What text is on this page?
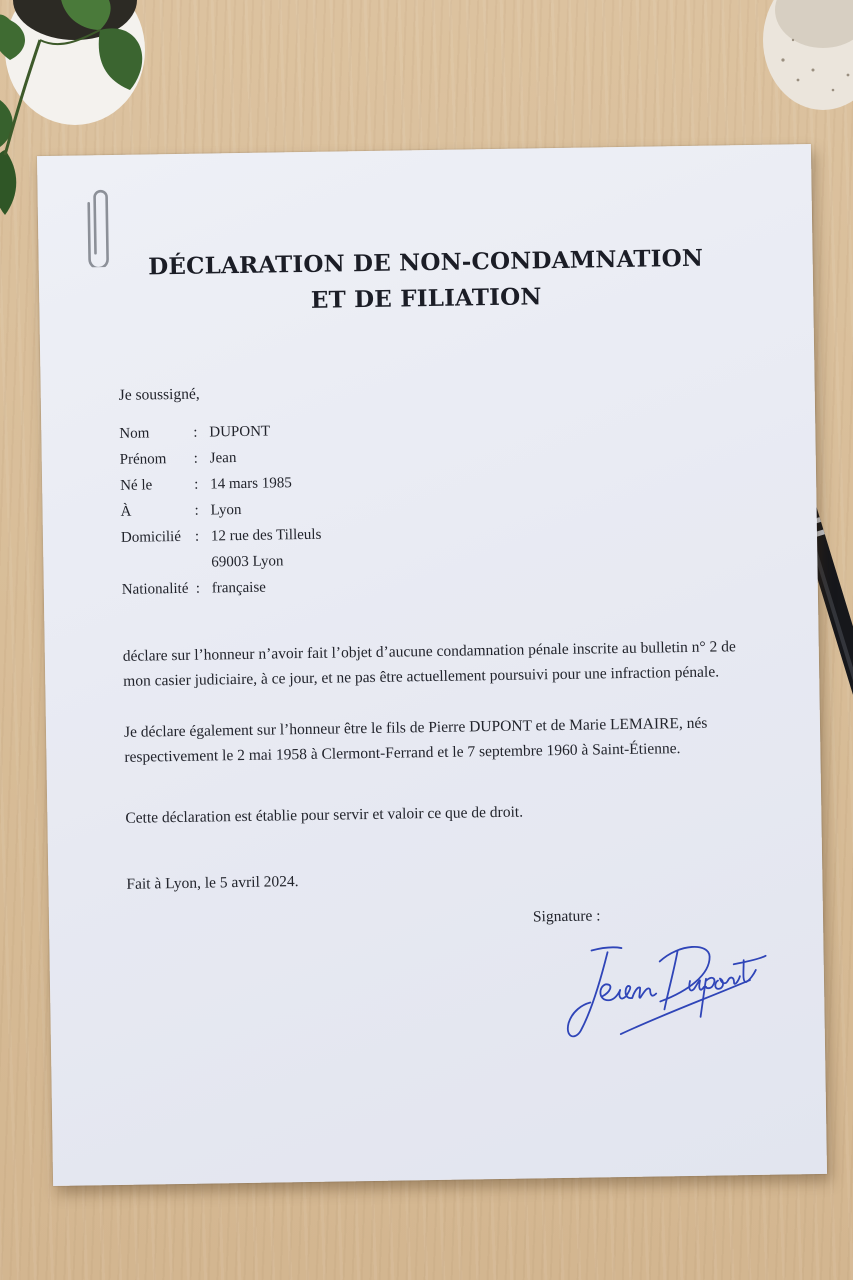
DÉCLARATION DE NON-CONDAMNATION
ET DE FILIATION

Je soussigné,

Nom	:	DUPONT
Prénom	:	Jean
Né le	:	14 mars 1985
À	:	Lyon
Domicilié	:	12 rue des Tilleuls
		69003 Lyon
Nationalité	:	française

déclare sur l’honneur n’avoir fait l’objet d’aucune condamnation pénale inscrite au bulletin n° 2 de mon casier judiciaire, à ce jour, et ne pas être actuellement poursuivi pour une infraction pénale.

Je déclare également sur l’honneur être le fils de Pierre DUPONT et de Marie LEMAIRE, nés respectivement le 2 mai 1958 à Clermont-Ferrand et le 7 septembre 1960 à Saint-Étienne.

Cette déclaration est établie pour servir et valoir ce que de droit.

Fait à Lyon, le 5 avril 2024.

Signature :
